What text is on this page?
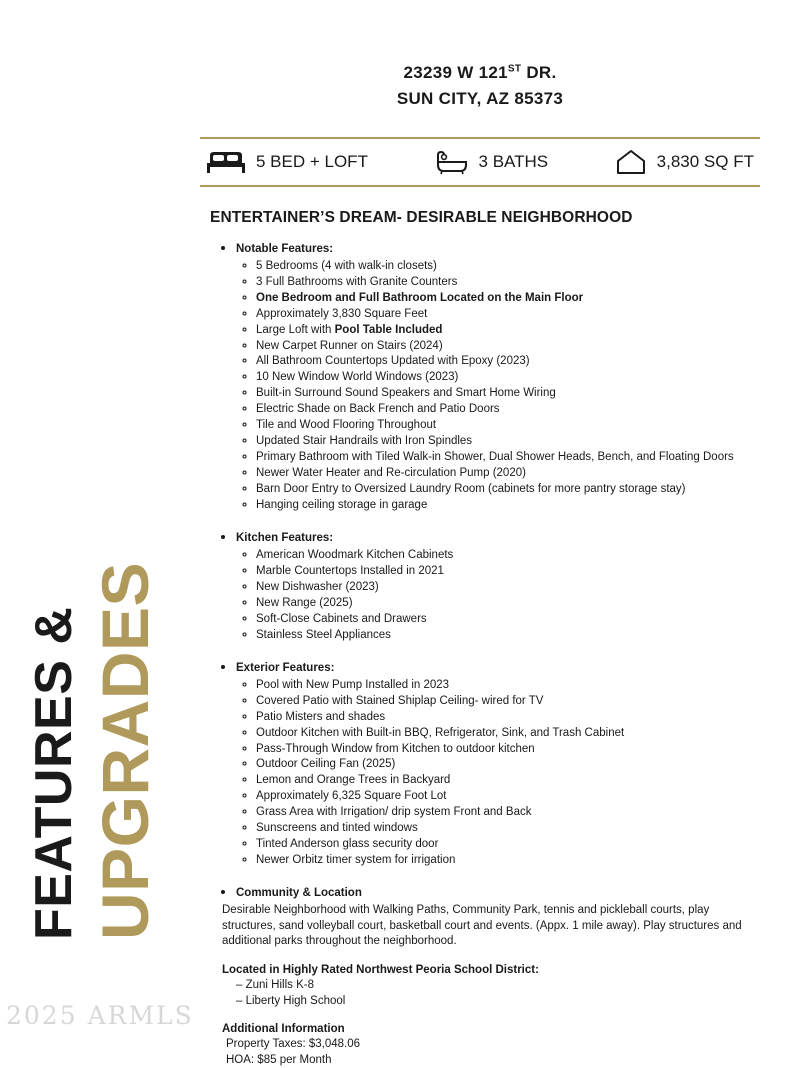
FEATURES & UPGRADES
23239 W 121ST DR.
SUN CITY, AZ 85373
5 BED + LOFT	3 BATHS	3,830 SQ FT
ENTERTAINER’S DREAM- DESIRABLE NEIGHBORHOOD
• Notable Features:
◦ 5 Bedrooms (4 with walk-in closets)
◦ 3 Full Bathrooms with Granite Counters
◦ One Bedroom and Full Bathroom Located on the Main Floor
◦ Approximately 3,830 Square Feet
◦ Large Loft with Pool Table Included
◦ New Carpet Runner on Stairs (2024)
◦ All Bathroom Countertops Updated with Epoxy (2023)
◦ 10 New Window World Windows (2023)
◦ Built-in Surround Sound Speakers and Smart Home Wiring
◦ Electric Shade on Back French and Patio Doors
◦ Tile and Wood Flooring Throughout
◦ Updated Stair Handrails with Iron Spindles
◦ Primary Bathroom with Tiled Walk-in Shower, Dual Shower Heads, Bench, and Floating Doors
◦ Newer Water Heater and Re-circulation Pump (2020)
◦ Barn Door Entry to Oversized Laundry Room (cabinets for more pantry storage stay)
◦ Hanging ceiling storage in garage
• Kitchen Features:
◦ American Woodmark Kitchen Cabinets
◦ Marble Countertops Installed in 2021
◦ New Dishwasher (2023)
◦ New Range (2025)
◦ Soft-Close Cabinets and Drawers
◦ Stainless Steel Appliances
• Exterior Features:
◦ Pool with New Pump Installed in 2023
◦ Covered Patio with Stained Shiplap Ceiling- wired for TV
◦ Patio Misters and shades
◦ Outdoor Kitchen with Built-in BBQ, Refrigerator, Sink, and Trash Cabinet
◦ Pass-Through Window from Kitchen to outdoor kitchen
◦ Outdoor Ceiling Fan (2025)
◦ Lemon and Orange Trees in Backyard
◦ Approximately 6,325 Square Foot Lot
◦ Grass Area with Irrigation/ drip system Front and Back
◦ Sunscreens and tinted windows
◦ Tinted Anderson glass security door
◦ Newer Orbitz timer system for irrigation
• Community & Location
Desirable Neighborhood with Walking Paths, Community Park, tennis and pickleball courts, play structures, sand volleyball court, basketball court and events. (Appx. 1 mile away). Play structures and additional parks throughout the neighborhood.
Located in Highly Rated Northwest Peoria School District:
– Zuni Hills K-8
– Liberty High School
Additional Information
Property Taxes: $3,048.06
HOA: $85 per Month
2025 ARMLS
